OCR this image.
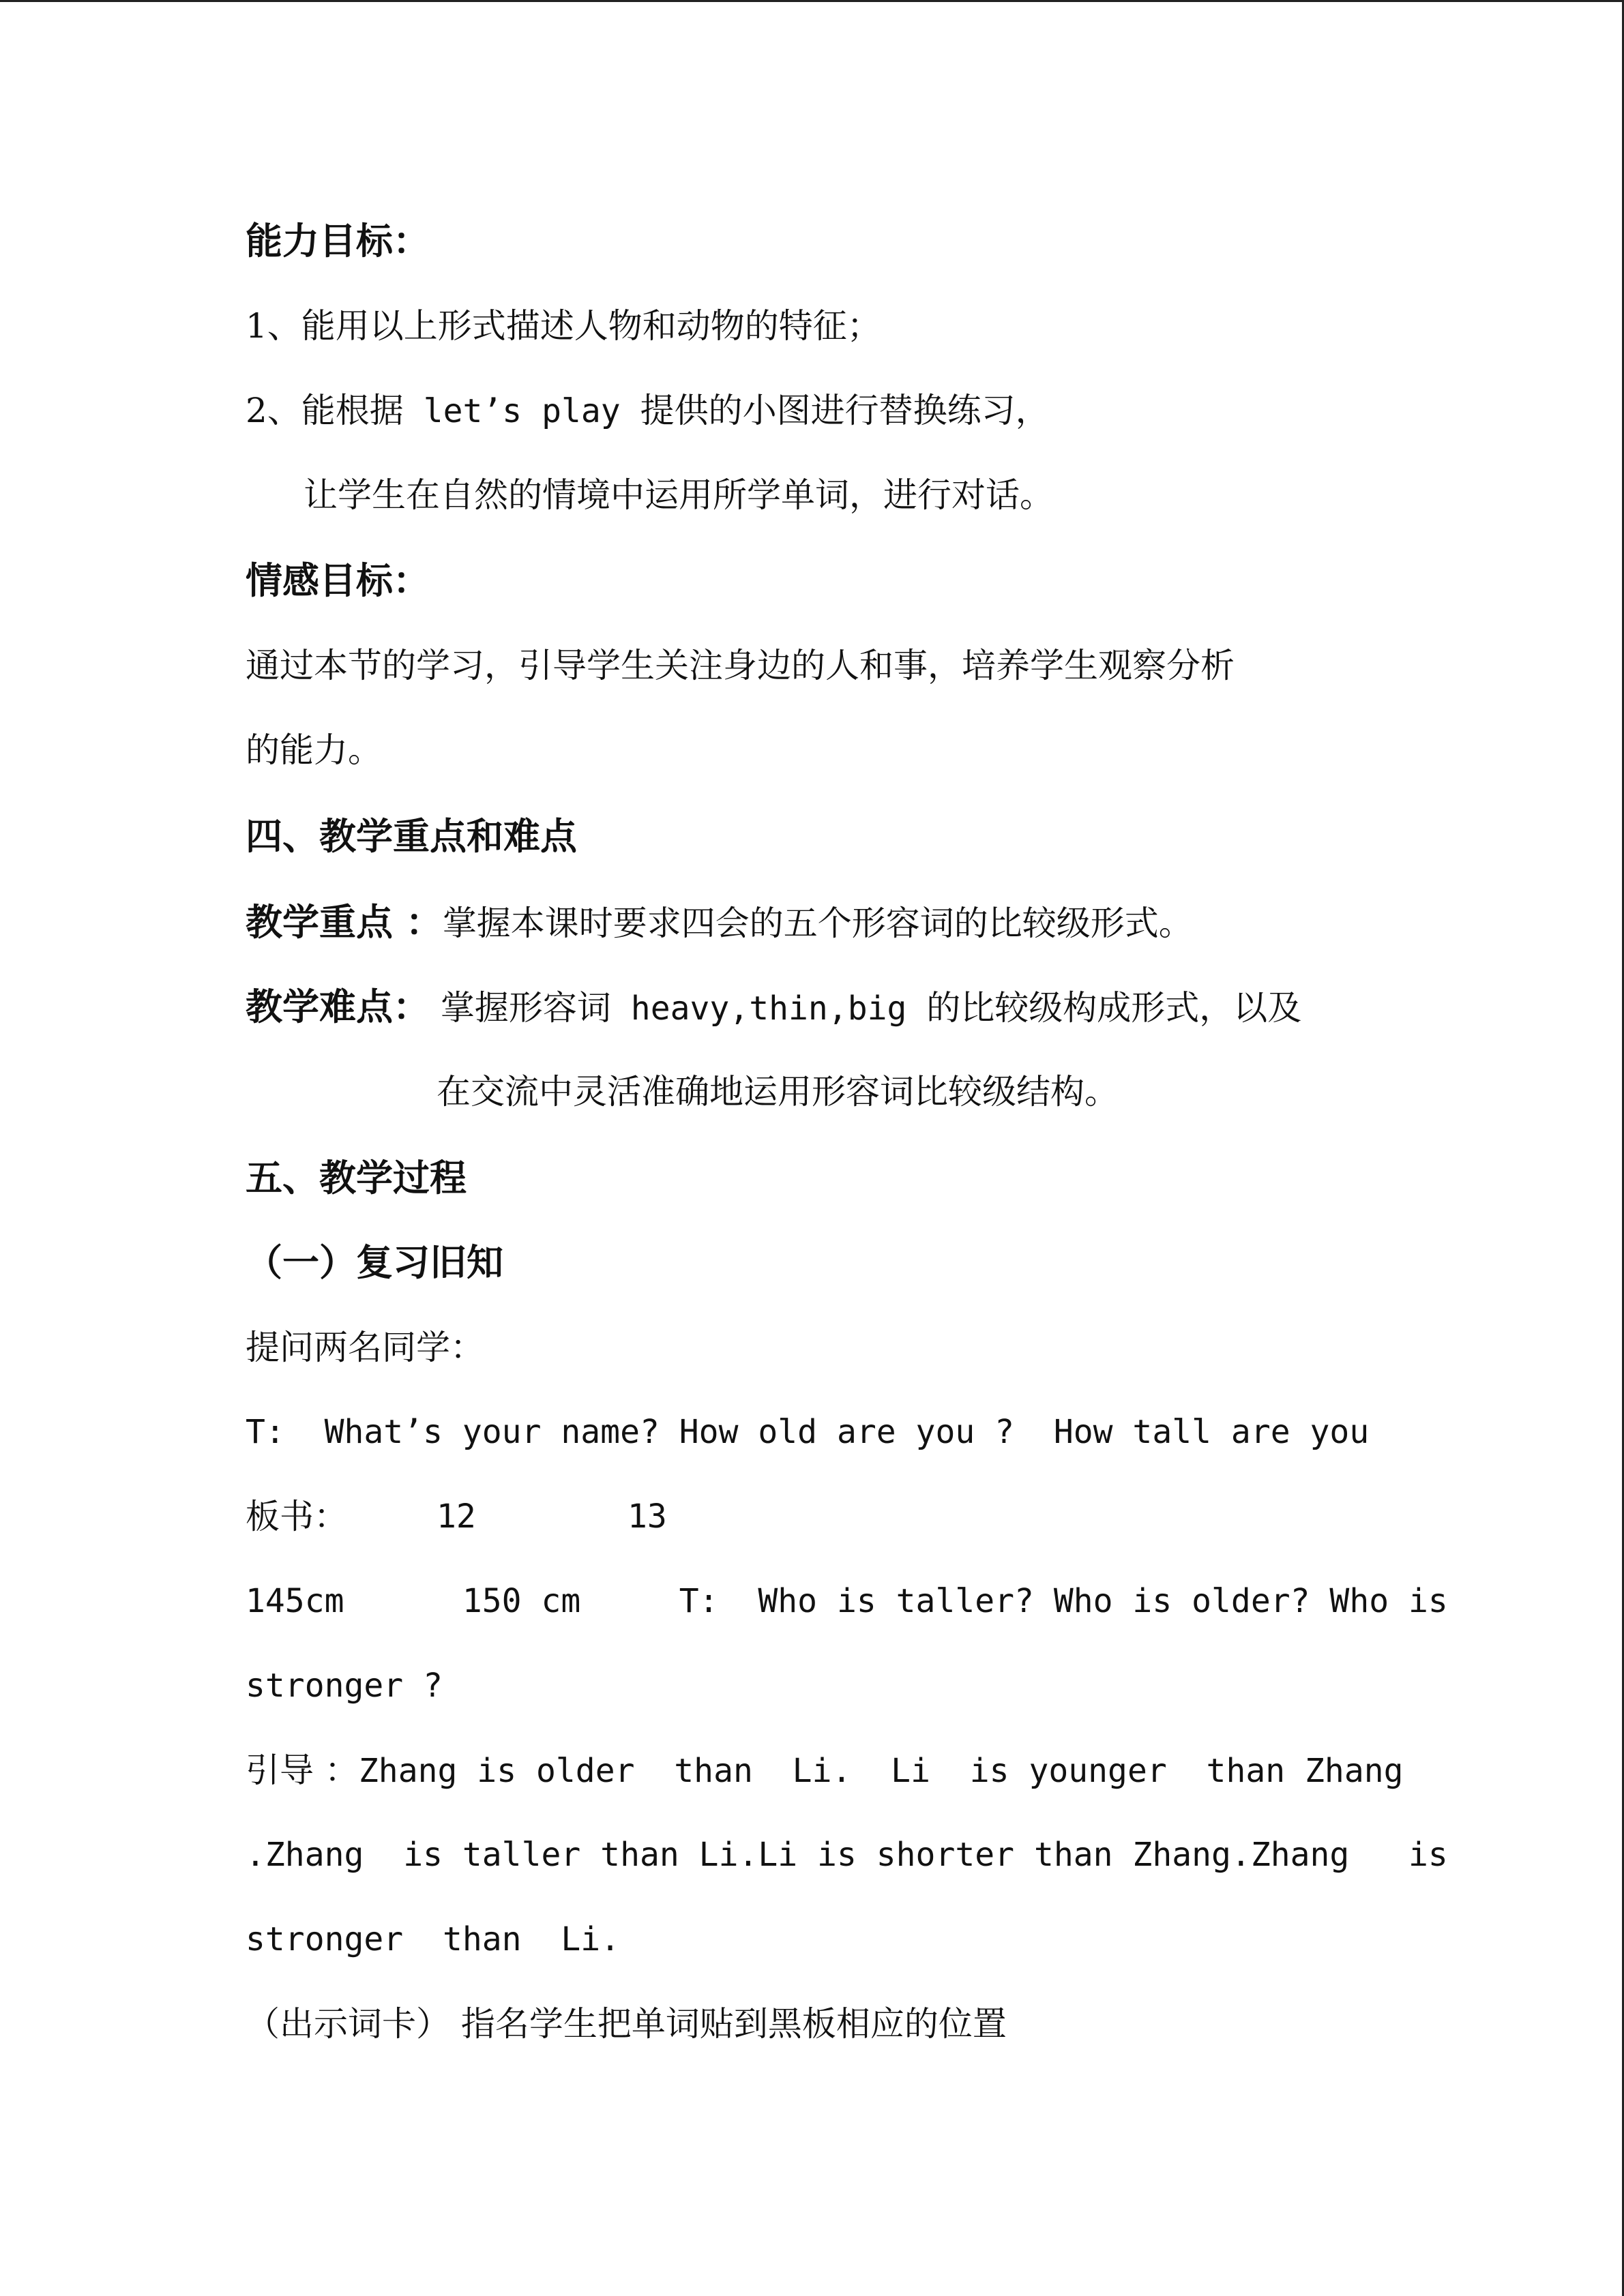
能力目标：
1、能用以上形式描述人物和动物的特征；
2、能根据 let’s play 提供的小图进行替换练习，
让学生在自然的情境中运用所学单词，进行对话。
情感目标：
通过本节的学习，引导学生关注身边的人和事，培养学生观察分析
的能力。
四、教学重点和难点
教学重点 ：掌握本课时要求四会的五个形容词的比较级形式。
教学难点： 掌握形容词 heavy,thin,big 的比较级构成形式，以及
在交流中灵活准确地运用形容词比较级结构。
五、教学过程
（一）复习旧知
提问两名同学：
T:  What’s your name? How old are you ?  How tall are you
板书：	12	13
145cm      150 cm     T:  Who is taller? Who is older? Who is
stronger ?
引导 ：Zhang is older  than  Li.  Li  is younger  than Zhang
.Zhang  is taller than Li.Li is shorter than Zhang.Zhang   is
stronger  than  Li.
（出示词卡） 指名学生把单词贴到黑板相应的位置
